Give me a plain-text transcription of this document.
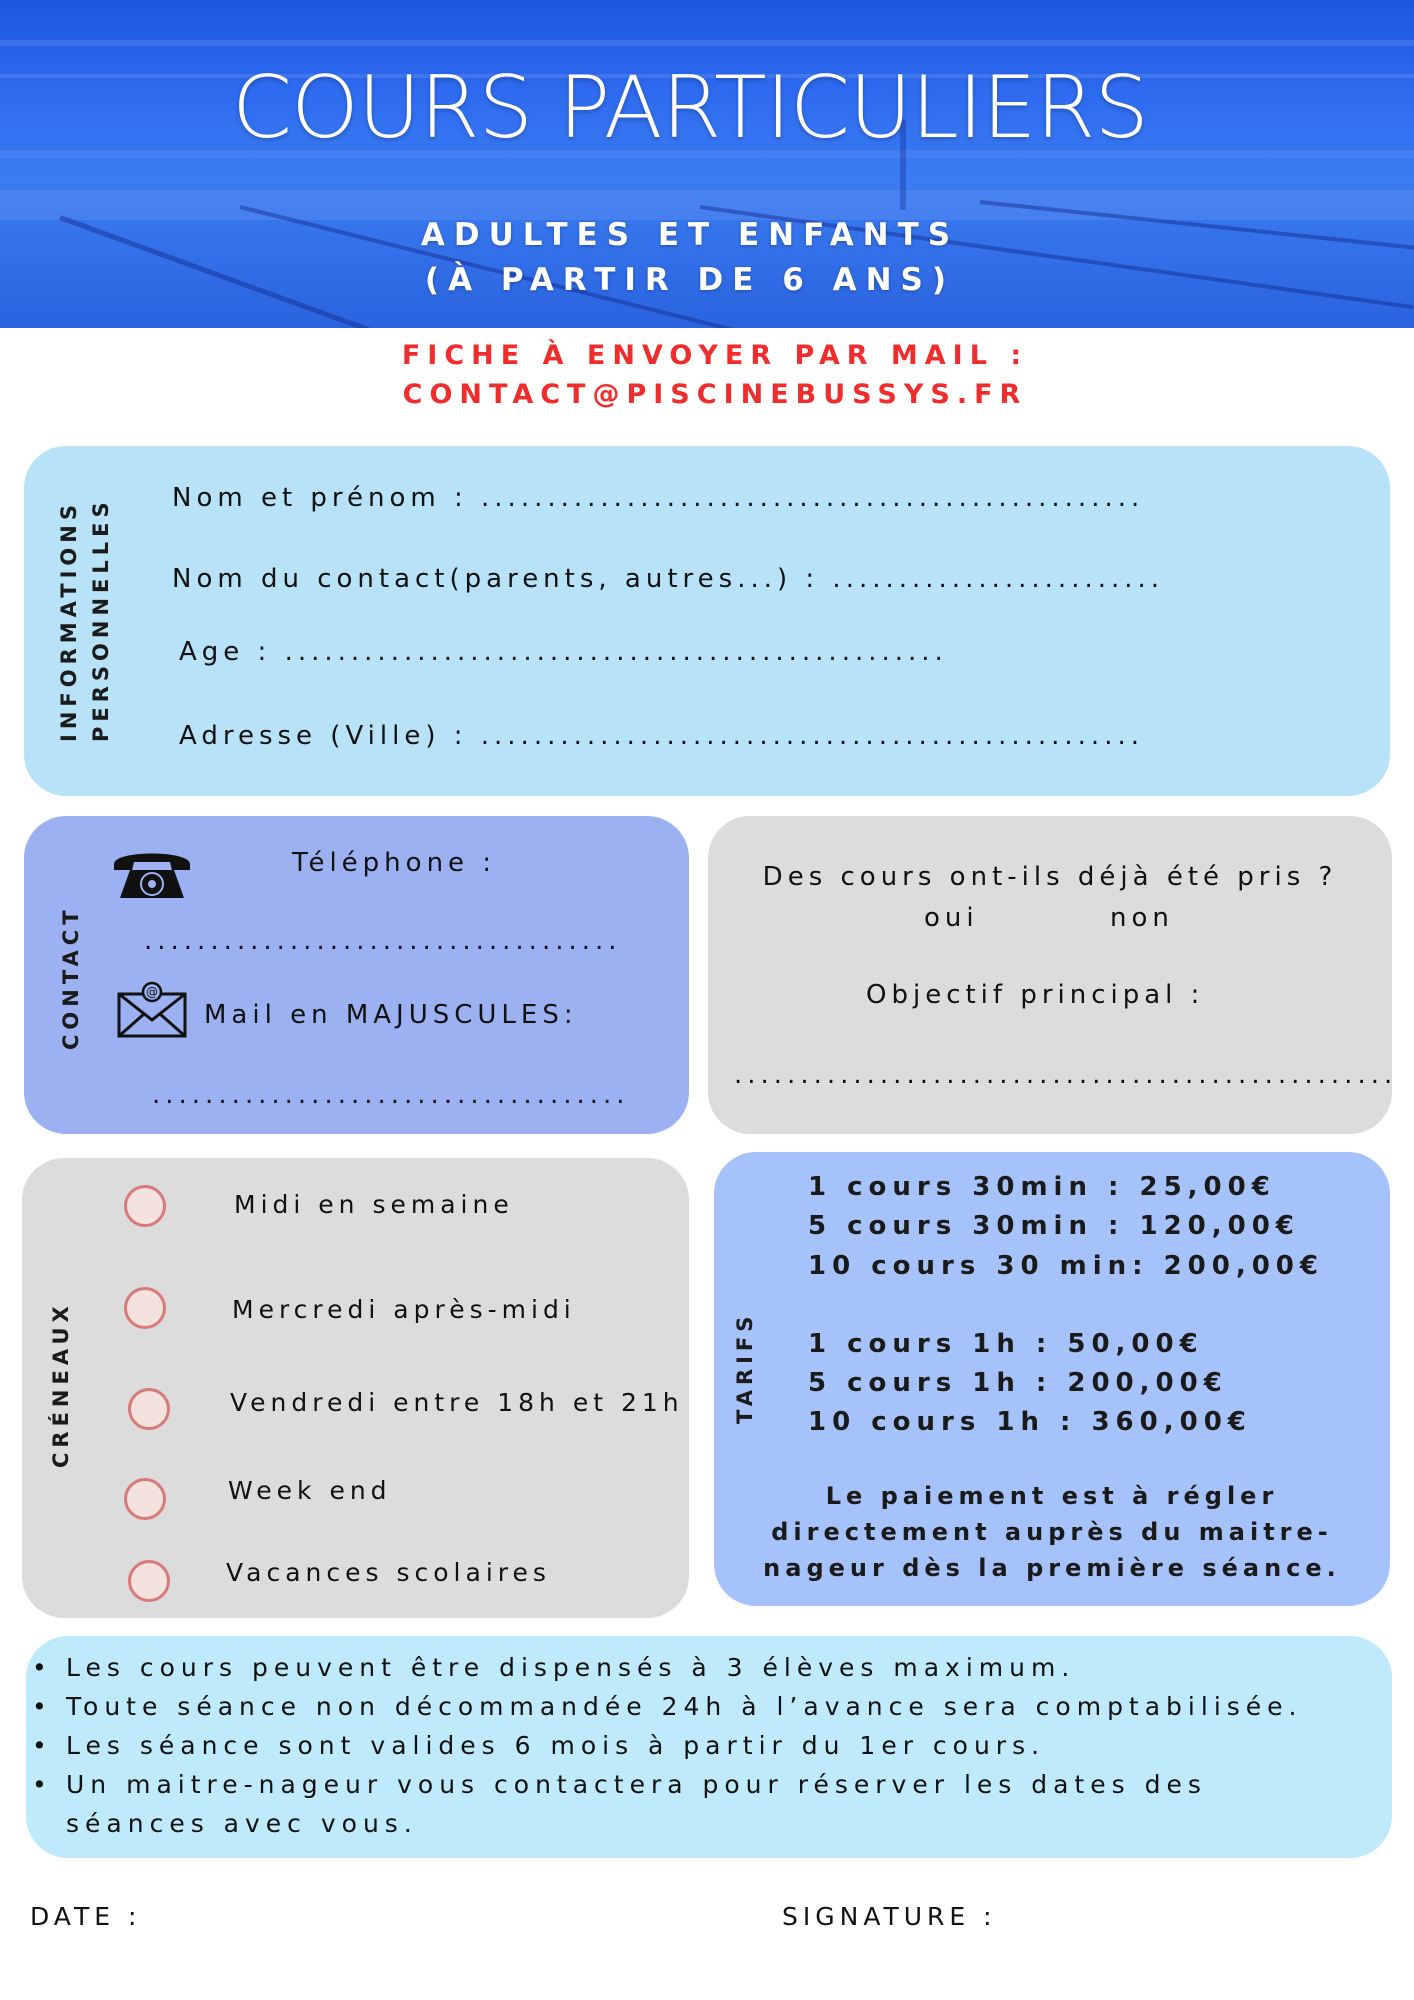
COURS PARTICULIERS
ADULTES ET ENFANTS
(À PARTIR DE 6 ANS)
FICHE À ENVOYER PAR MAIL :
CONTACT@PISCINEBUSSYS.FR
INFORMATIONS PERSONNELLES Nom et prénom : ..................................................
Nom du contact(parents, autres...) : .........................
Age : ..................................................
Adresse (Ville) : ..................................................
CONTACT
Téléphone :
....................................
@
Mail en MAJUSCULES:
....................................
Des cours ont-ils déjà été pris ?
oui	non
Objectif principal :
..................................................
CRÉNEAUX
Midi en semaine
Mercredi après-midi
Vendredi entre 18h et 21h
Week end
Vacances scolaires
TARIFS
1 cours 30min : 25,00€
5 cours 30min : 120,00€
10 cours 30 min: 200,00€
1 cours 1h : 50,00€
5 cours 1h : 200,00€
10 cours 1h : 360,00€
Le paiement est à régler
directement auprès du maitre-
nageur dès la première séance.
• Les cours peuvent être dispensés à 3 élèves maximum.
• Toute séance non décommandée 24h à l’avance sera comptabilisée.
• Les séance sont valides 6 mois à partir du 1er cours.
• Un maitre-nageur vous contactera pour réserver les dates des séances avec vous.
DATE :	SIGNATURE :
